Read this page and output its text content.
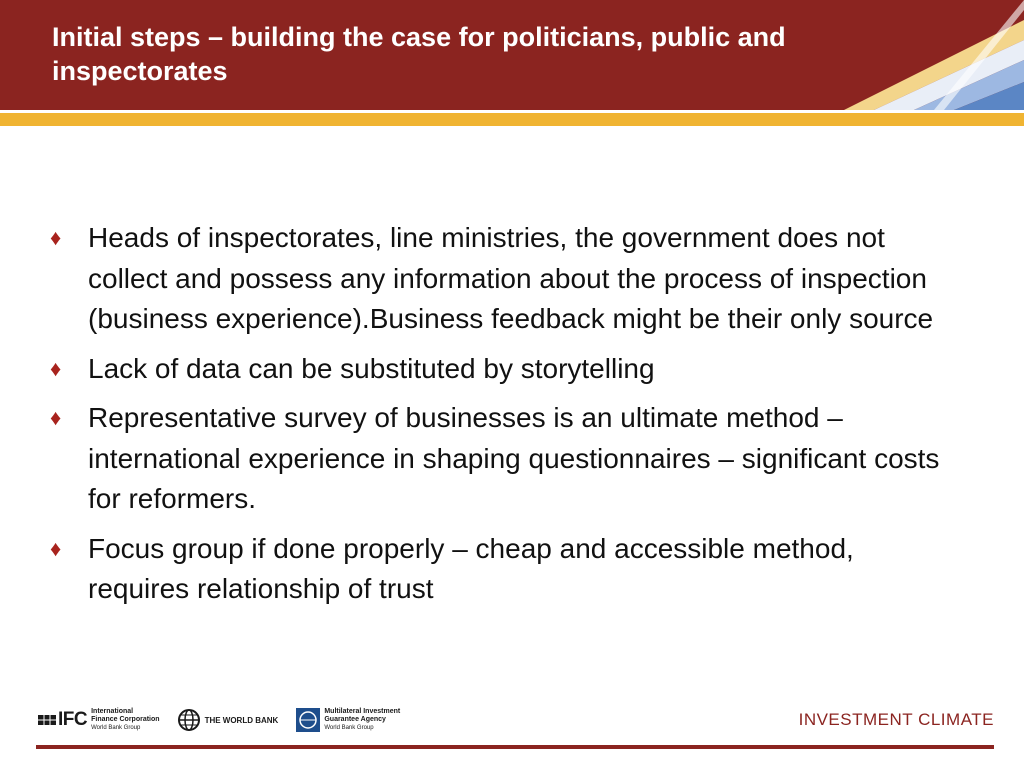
Initial steps – building the case for politicians, public and inspectorates
♦ Heads of inspectorates, line ministries, the government does not collect and possess any information about the process of inspection (business experience).Business feedback might be their only source
♦ Lack of data can be substituted by storytelling
♦ Representative survey of businesses is an ultimate method –international experience in shaping questionnaires – significant costs for reformers.
♦ Focus group if done properly – cheap and accessible method, requires relationship of trust
IFC International
Finance Corporation
World Bank Group
THE WORLD BANK
Multilateral Investment
Guarantee Agency
World Bank Group	INVESTMENT CLIMATE
